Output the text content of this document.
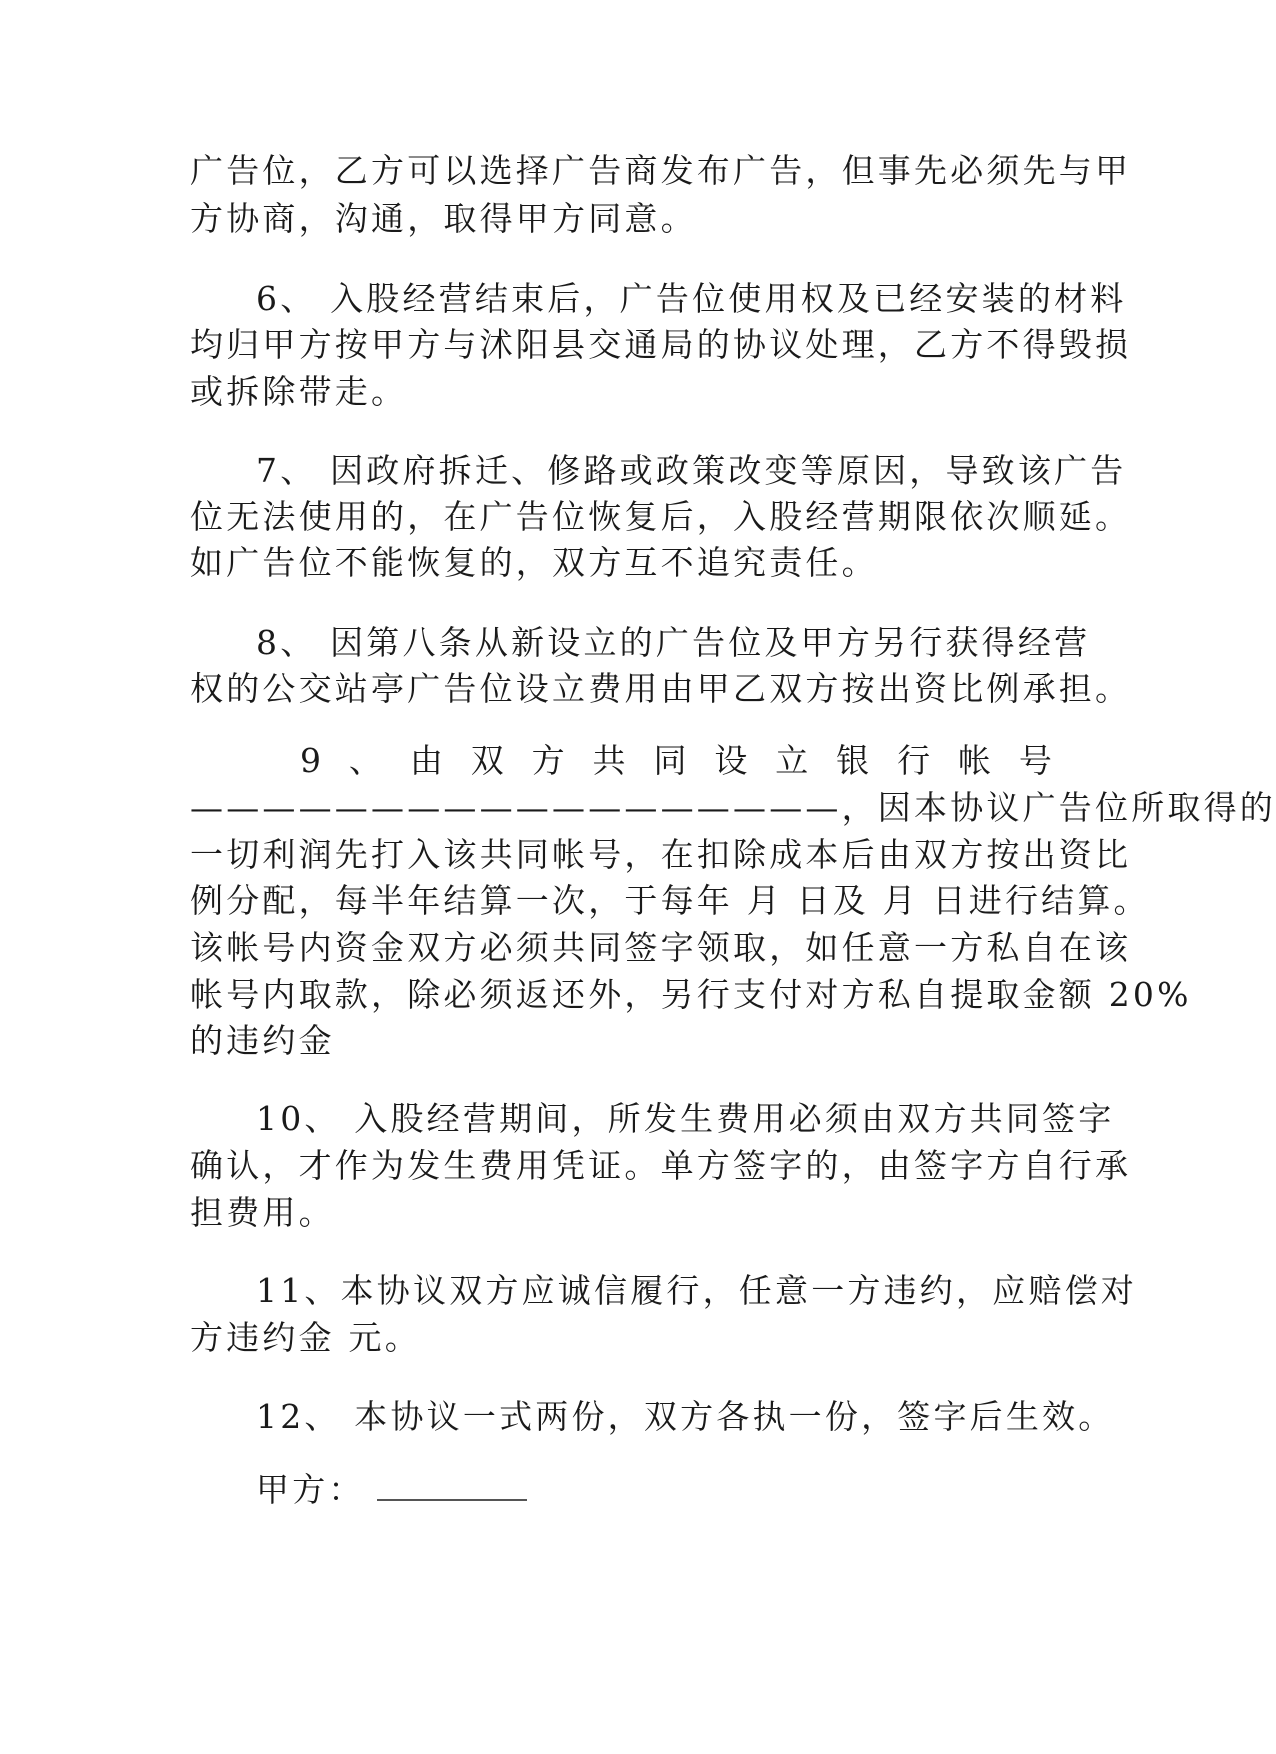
广告位，乙方可以选择广告商发布广告，但事先必须先与甲
方协商，沟通，取得甲方同意。
6、 入股经营结束后，广告位使用权及已经安装的材料
均归甲方按甲方与沭阳县交通局的协议处理，乙方不得毁损
或拆除带走。
7、 因政府拆迁、修路或政策改变等原因，导致该广告
位无法使用的，在广告位恢复后，入股经营期限依次顺延。
如广告位不能恢复的，双方互不追究责任。
8、 因第八条从新设立的广告位及甲方另行获得经营
权的公交站亭广告位设立费用由甲乙双方按出资比例承担。
9 、 由 双 方 共 同 设 立 银 行 帐 号
——————————————————，因本协议广告位所取得的
一切利润先打入该共同帐号，在扣除成本后由双方按出资比
例分配，每半年结算一次，于每年 月 日及 月 日进行结算。
该帐号内资金双方必须共同签字领取，如任意一方私自在该
帐号内取款，除必须返还外，另行支付对方私自提取金额 20%
的违约金
10、 入股经营期间，所发生费用必须由双方共同签字
确认，才作为发生费用凭证。单方签字的，由签字方自行承
担费用。
11、本协议双方应诚信履行，任意一方违约，应赔偿对
方违约金 元。
12、 本协议一式两份，双方各执一份，签字后生效。
甲方：
